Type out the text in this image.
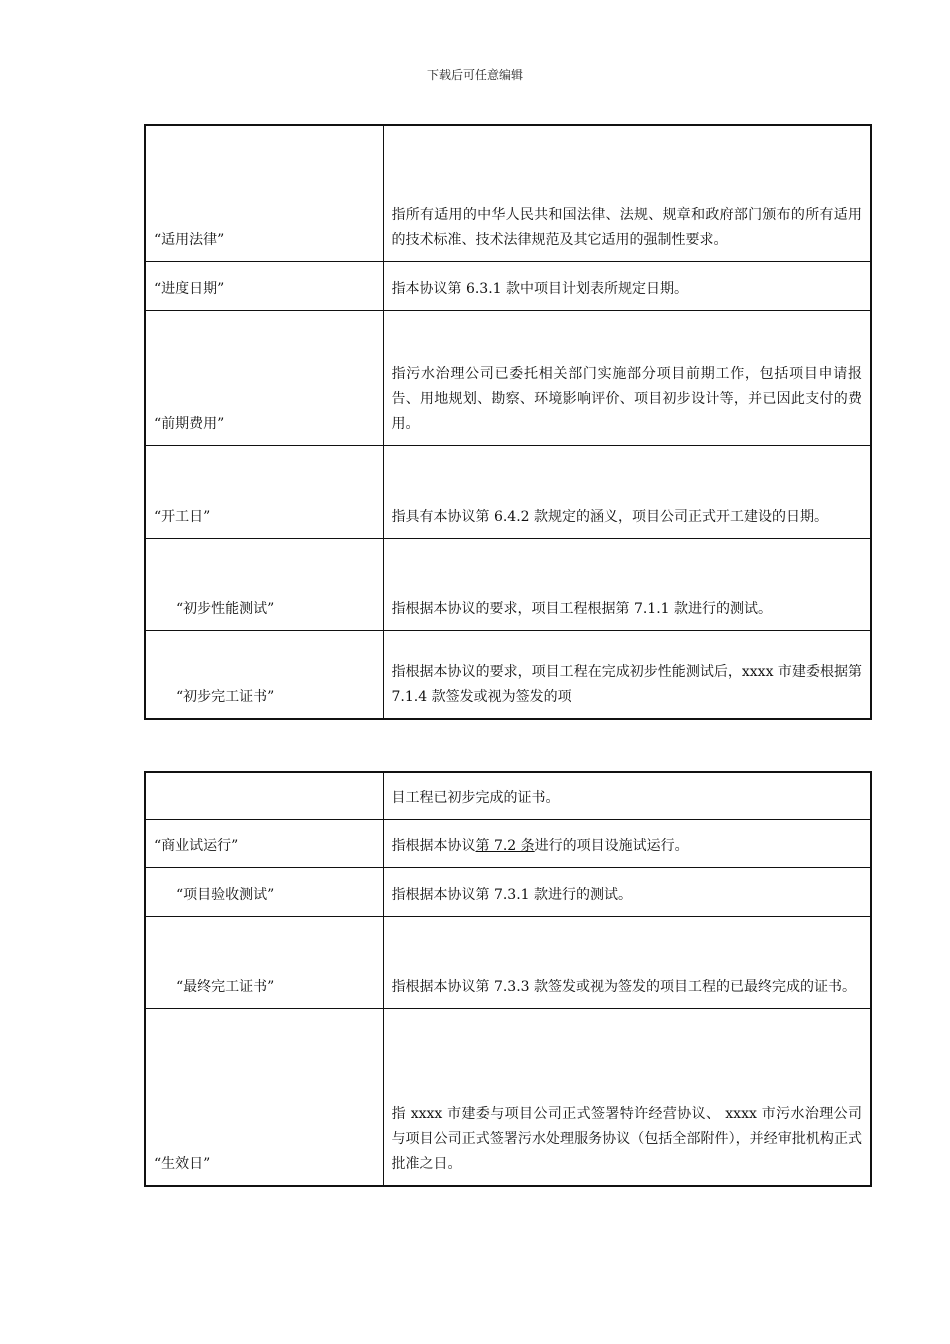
下载后可任意编辑
“适用法律”	指所有适用的中华人民共和国法律、法规、规章和政府部门颁布的所有适用的技术标准、技术法律规范及其它适用的强制性要求。
“进度日期”	指本协议第 6.3.1 款中项目计划表所规定日期。
“前期费用”	指污水治理公司已委托相关部门实施部分项目前期工作，包括项目申请报告、用地规划、勘察、环境影响评价、项目初步设计等，并已因此支付的费用。
“开工日”	指具有本协议第 6.4.2 款规定的涵义，项目公司正式开工建设的日期。
“初步性能测试”	指根据本协议的要求，项目工程根据第 7.1.1 款进行的测试。
“初步完工证书”	指根据本协议的要求，项目工程在完成初步性能测试后，xxxx 市建委根据第 7.1.4 款签发或视为签发的项
	目工程已初步完成的证书。
“商业试运行”	指根据本协议第 7.2 条进行的项目设施试运行。
“项目验收测试”	指根据本协议第 7.3.1 款进行的测试。
“最终完工证书”	指根据本协议第 7.3.3 款签发或视为签发的项目工程的已最终完成的证书。
“生效日”	指 xxxx 市建委与项目公司正式签署特许经营协议、 xxxx 市污水治理公司与项目公司正式签署污水处理服务协议（包括全部附件），并经审批机构正式批准之日。
